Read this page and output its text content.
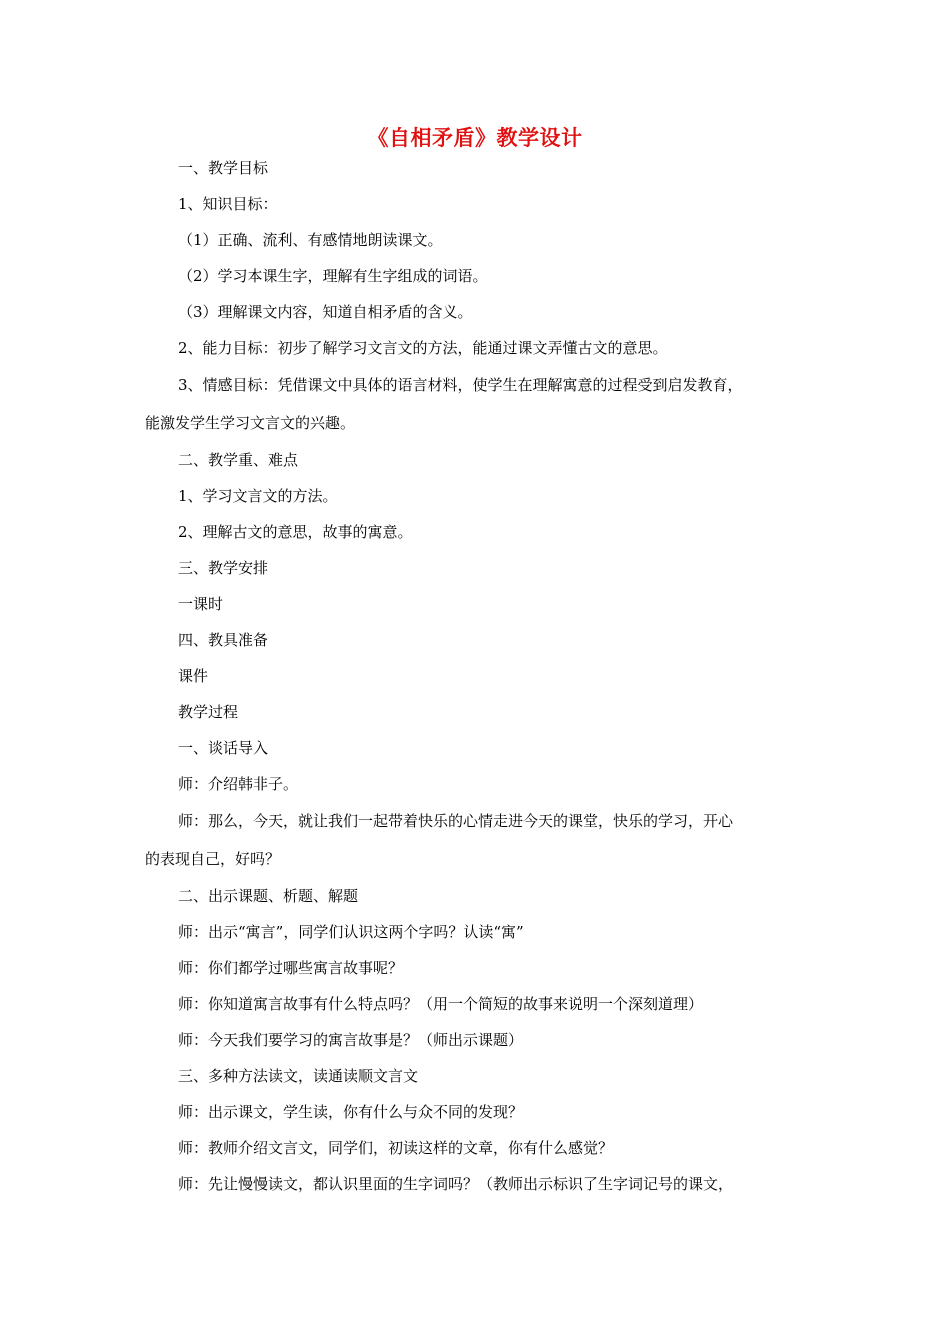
《自相矛盾》教学设计

一、教学目标

1、知识目标：

（1）正确、流利、有感情地朗读课文。

（2）学习本课生字，理解有生字组成的词语。

（3）理解课文内容，知道自相矛盾的含义。

2、能力目标：初步了解学习文言文的方法，能通过课文弄懂古文的意思。

3、情感目标：凭借课文中具体的语言材料，使学生在理解寓意的过程受到启发教育，
能激发学生学习文言文的兴趣。

二、教学重、难点

1、学习文言文的方法。

2、理解古文的意思，故事的寓意。

三、教学安排

一课时

四、教具准备

课件

教学过程

一、谈话导入

师：介绍韩非子。

师：那么，今天，就让我们一起带着快乐的心情走进今天的课堂，快乐的学习，开心
的表现自己，好吗？

二、出示课题、析题、解题

师：出示“寓言”，同学们认识这两个字吗？认读“寓”

师：你们都学过哪些寓言故事呢？

师：你知道寓言故事有什么特点吗？（用一个简短的故事来说明一个深刻道理）

师：今天我们要学习的寓言故事是？（师出示课题）

三、多种方法读文，读通读顺文言文

师：出示课文，学生读，你有什么与众不同的发现？

师：教师介绍文言文，同学们，初读这样的文章，你有什么感觉？

师：先让慢慢读文，都认识里面的生字词吗？（教师出示标识了生字词记号的课文，
